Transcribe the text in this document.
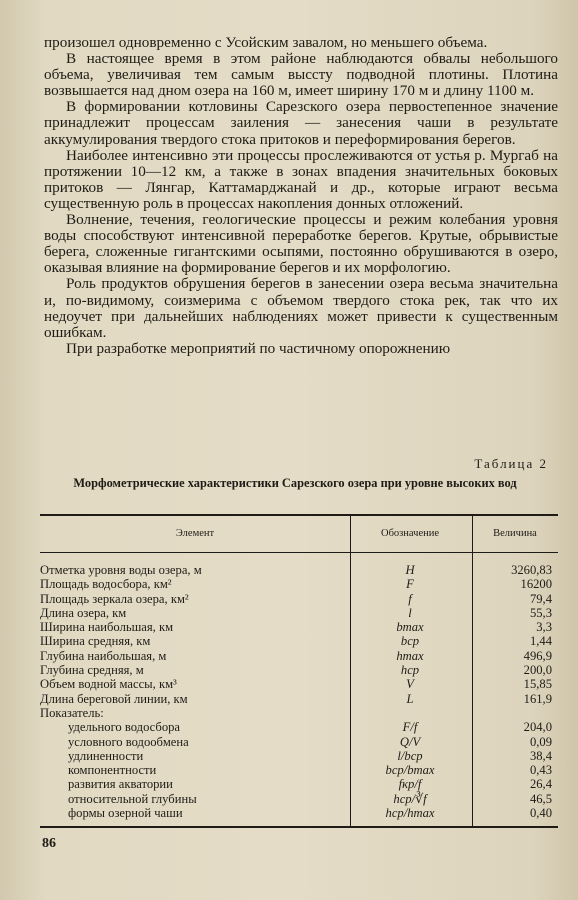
произошел одновременно с Усойским завалом, но меньшего объема.

В настоящее время в этом районе наблюдаются обвалы небольшого объема, увеличивая тем самым выссту подводной плотины. Плотина возвышается над дном озера на 160 м, имеет ширину 170 м и длину 1100 м.

В формировании котловины Сарезского озера первостепенное значение принадлежит процессам заиления — занесения чаши в результате аккумулирования твердого стока притоков и переформирования берегов.

Наиболее интенсивно эти процессы прослеживаются от устья р. Мургаб на протяжении 10—12 км, а также в зонах впадения значительных боковых притоков — Лянгар, Каттамарджанай и др., которые играют весьма существенную роль в процессах накопления донных отложений.

Волнение, течения, геологические процессы и режим колебания уровня воды способствуют интенсивной переработке берегов. Крутые, обрывистые берега, сложенные гигантскими осыпями, постоянно обрушиваются в озеро, оказывая влияние на формирование берегов и их морфологию.

Роль продуктов обрушения берегов в занесении озера весьма значительна и, по-видимому, соизмерима с объемом твердого стока рек, так что их недоучет при дальнейших наблюдениях может привести к существенным ошибкам.

При разработке мероприятий по частичному опорожнению

Таблица 2
Морфометрические характеристики Сарезского озера при уровне высоких вод
Элемент	Обозначение	Величина
Отметка уровня воды озера, м	H	3260,83
Площадь водосбора, км²	F	16200
Площадь зеркала озера, км²	f	79,4
Длина озера, км	l	55,3
Ширина наибольшая, км	bmax	3,3
Ширина средняя, км	bср	1,44
Глубина наибольшая, м	hmax	496,9
Глубина средняя, м	hср	200,0
Объем водной массы, км³	V	15,85
Длина береговой линии, км	L	161,9
Показатель:
удельного водосбора	F/f	204,0
условного водообмена	Q/V	0,09
удлиненности	l/bср	38,4
компонентности	bср/bmax	0,43
развития акватории	fкр/f	26,4
относительной глубины	hср/∛f	46,5
формы озерной чаши	hср/hmax	0,40
86
